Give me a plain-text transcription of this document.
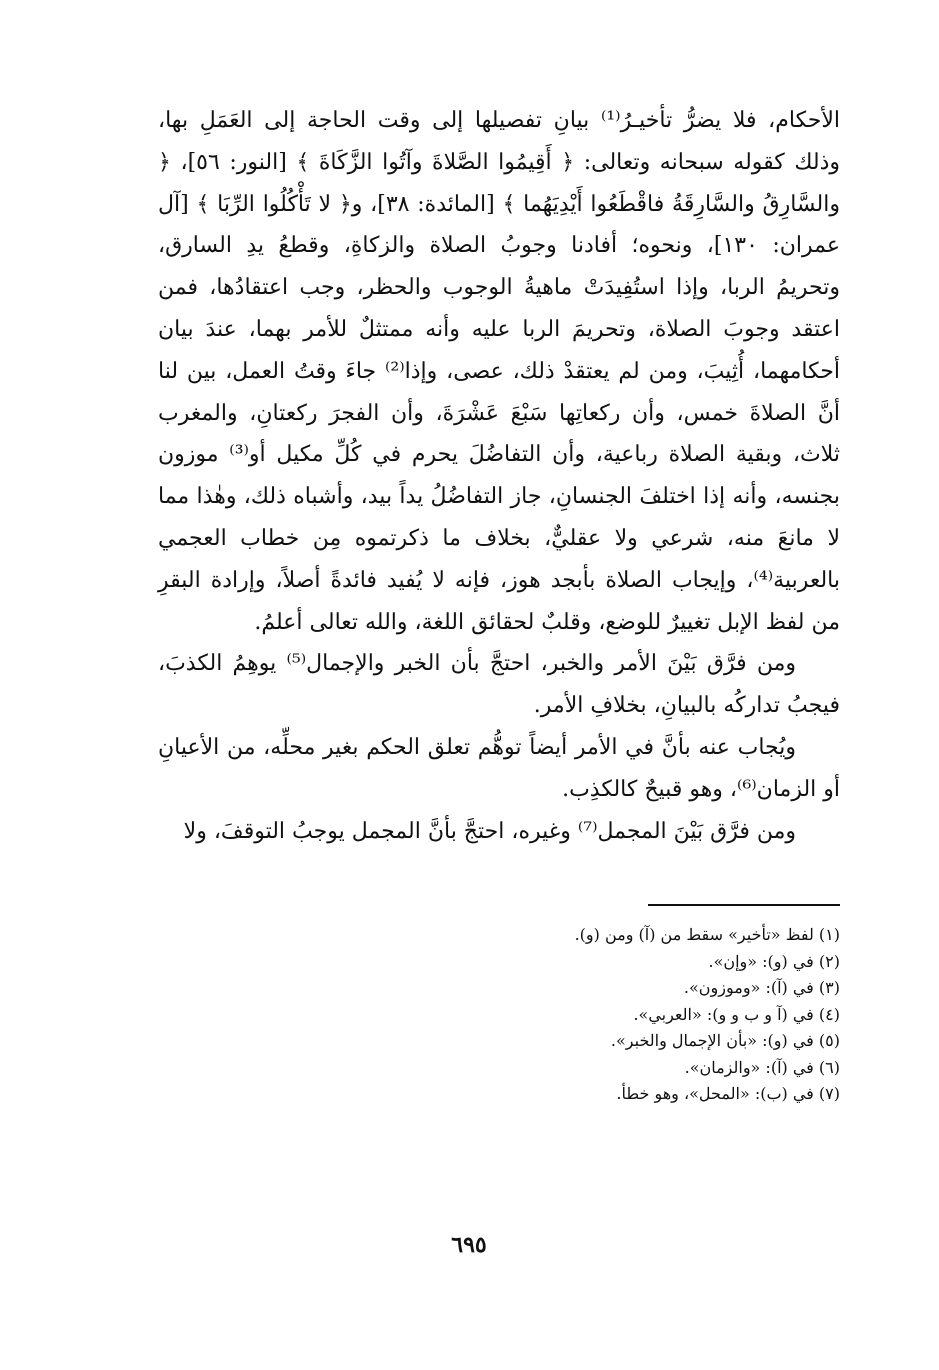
الأحكام، فلا يضرُّ تأخيـرُ⁽¹⁾ بيانِ تفصيلها إلى وقت الحاجة إلى العَمَلِ بها، وذلك كقوله سبحانه وتعالى: ﴿ أَقِيمُوا الصَّلاةَ وآتُوا الزَّكَاةَ ﴾ [النور: ٥٦]، ﴿ والسَّارِقُ والسَّارِقَةُ فاقْطَعُوا أَيْدِيَهُما ﴾ [المائدة: ٣٨]، و﴿ لا تَأْكُلُوا الرِّبَا ﴾ [آل عمران: ١٣٠]، ونحوه؛ أفادنا وجوبُ الصلاة والزكاةِ، وقطعُ يدِ السارق، وتحريمُ الربا، وإذا استُفِيدَتْ ماهيةُ الوجوب والحظر، وجب اعتقادُها، فمن اعتقد وجوبَ الصلاة، وتحريمَ الربا عليه وأنه ممتثلٌ للأمر بهما، عندَ بيان أحكامهما، أُثِيبَ، ومن لم يعتقدْ ذلك، عصى، وإذا⁽²⁾ جاءَ وقتُ العمل، بين لنا أنَّ الصلاةَ خمس، وأن ركعاتِها سَبْعَ عَشْرَةَ، وأن الفجرَ ركعتانِ، والمغرب ثلاث، وبقية الصلاة رباعية، وأن التفاضُلَ يحرم في كُلِّ مكيل أو⁽³⁾ موزون بجنسه، وأنه إذا اختلفَ الجنسانِ، جاز التفاضُلُ يداً بيد، وأشباه ذلك، وهٰذا مما لا مانعَ منه، شرعي ولا عقليٌّ، بخلاف ما ذكرتموه مِن خطاب العجمي بالعربية⁽⁴⁾، وإيجاب الصلاة بأبجد هوز، فإنه لا يُفيد فائدةً أصلاً، وإرادة البقرِ من لفظ الإبل تغييرٌ للوضع، وقلبٌ لحقائق اللغة، والله تعالى أعلمُ.

ومن فرَّق بَيْنَ الأمر والخبر، احتجَّ بأن الخبر والإجمال⁽⁵⁾ يوهِمُ الكذبَ، فيجبُ تداركُه بالبيانِ، بخلافِ الأمر.

ويُجاب عنه بأنَّ في الأمر أيضاً توهُّم تعلق الحكم بغير محلِّه، من الأعيانِ أو الزمان⁽⁶⁾، وهو قبيحٌ كالكذِب.

ومن فرَّق بَيْنَ المجمل⁽⁷⁾ وغيره، احتجَّ بأنَّ المجمل يوجبُ التوقفَ، ولا

(١) لفظ «تأخير» سقط من (آ) ومن (و).
(٢) في (و): «وإن».
(٣) في (آ): «وموزون».
(٤) في (آ و ب و و): «العربي».
(٥) في (و): «بأن الإجمال والخبر».
(٦) في (آ): «والزمان».
(٧) في (ب): «المحل»، وهو خطأ.
٦٩٥
